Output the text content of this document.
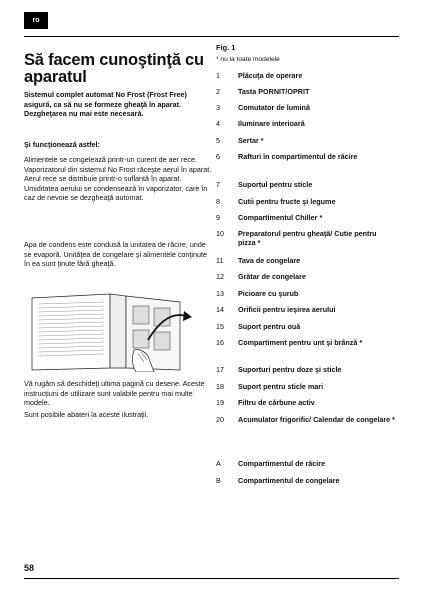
ro
Să facem cunoştinţă cu aparatul
Sistemul complet automat No Frost (Frost Free) asigură, ca să nu se formeze gheaţă în aparat. Dezgheţarea nu mai este necesară.
Şi funcţionează astfel:
Alimentele se congelează printr-un curent de aer rece. Vaporizatorul din sistemul No Frost răceşte aerul în aparat. Aerul rece se distribuie printr-o suflantă în aparat. Umiditatea aerului se condensează în vaporizator, care în caz de nevoie se dezgheaţă automat.
Apa de condens este condusă la unitatea de răcire, unde se evaporă. Unităţea de congelare şi alimentele conţinute în ea sunt ţinute fără gheaţă.
Vă rugăm să deschideţi ultima pagină cu desene. Aceste instrucţiuni de utilizare sunt valabile pentru mai multe modele.
Sunt posibile abateri la aceste ilustraţii.
Fig. 1
* nu la toate modelele
1	Plăcuţa de operare
2	Tasta PORNIT/OPRIT
3	Comutator de lumină
4	Iluminare interioară
5	Sertar *
6	Rafturi în compartimentul de răcire
7	Suportul pentru sticle
8	Cutii pentru fructe şi legume
9	Compartimentul Chiller *
10	Preparatorul pentru gheaţă/ Cutie pentru pizza *
11	Tava de congelare
12	Grătar de congelare
13	Picioare cu şurub
14	Orificii pentru ieşirea aerului
15	Suport pentru ouă
16	Compartiment pentru unt şi brânză *
17	Suporturi pentru doze şi sticle
18	Suport pentru sticle mari
19	Filtru de cărbune activ
20	Acumulator frigorific/ Calendar de congelare *
A	Compartimentul de răcire
B	Compartimentul de congelare
58
